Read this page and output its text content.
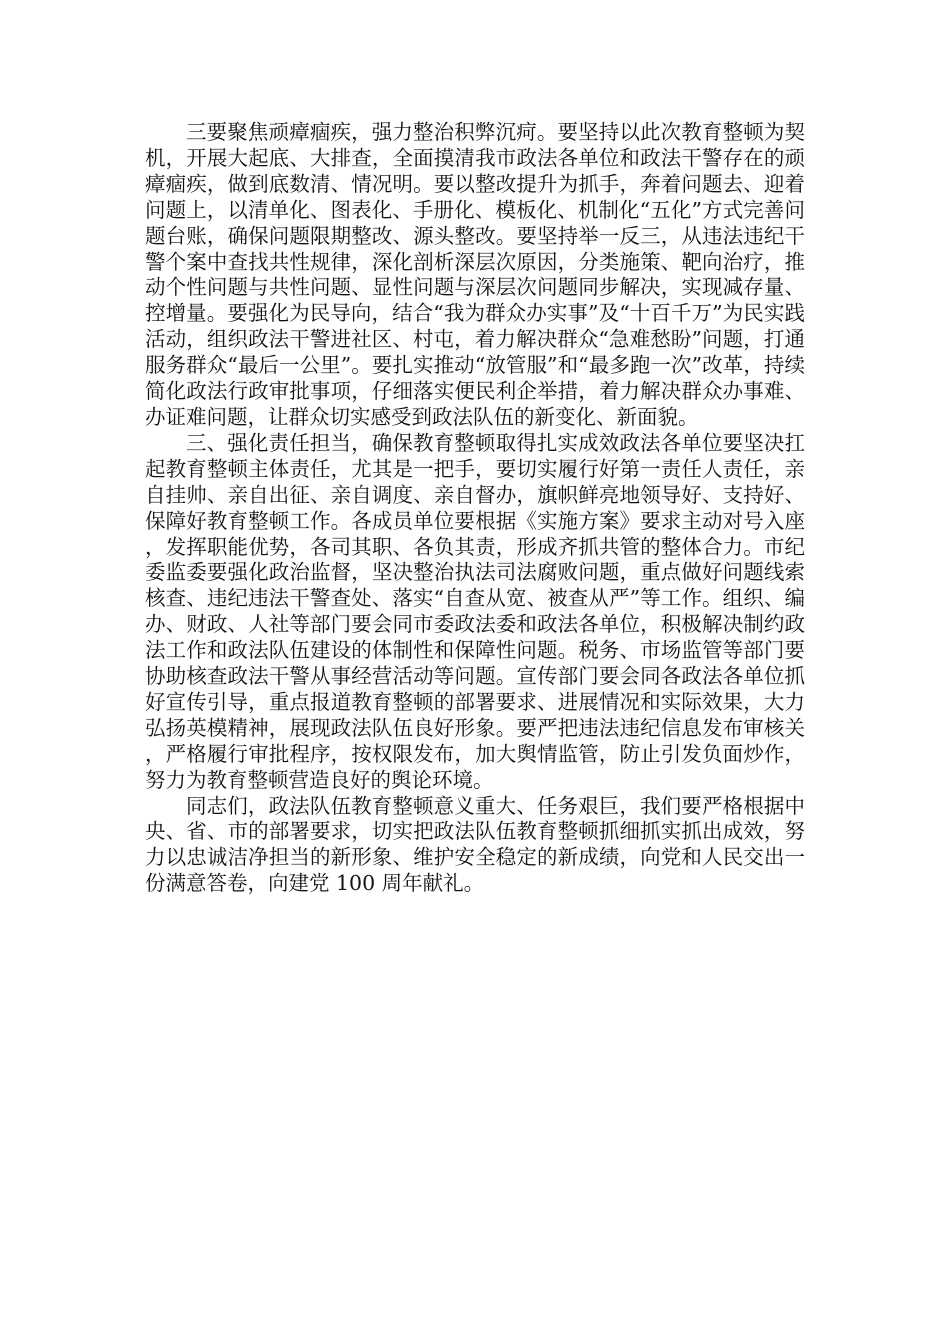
三要聚焦顽瘴痼疾，强力整治积弊沉疴。要坚持以此次教育整顿为契机，开展大起底、大排查，全面摸清我市政法各单位和政法干警存在的顽瘴痼疾，做到底数清、情况明。要以整改提升为抓手，奔着问题去、迎着问题上，以清单化、图表化、手册化、模板化、机制化“五化”方式完善问题台账，确保问题限期整改、源头整改。要坚持举一反三，从违法违纪干警个案中查找共性规律，深化剖析深层次原因，分类施策、靶向治疗，推动个性问题与共性问题、显性问题与深层次问题同步解决，实现减存量、控增量。要强化为民导向，结合“我为群众办实事”及“十百千万”为民实践活动，组织政法干警进社区、村屯，着力解决群众“急难愁盼”问题，打通服务群众“最后一公里”。要扎实推动“放管服”和“最多跑一次”改革，持续简化政法行政审批事项，仔细落实便民利企举措，着力解决群众办事难、办证难问题，让群众切实感受到政法队伍的新变化、新面貌。

三、强化责任担当，确保教育整顿取得扎实成效政法各单位要坚决扛起教育整顿主体责任，尤其是一把手，要切实履行好第一责任人责任，亲自挂帅、亲自出征、亲自调度、亲自督办，旗帜鲜亮地领导好、支持好、保障好教育整顿工作。各成员单位要根据《实施方案》要求主动对号入座，发挥职能优势，各司其职、各负其责，形成齐抓共管的整体合力。市纪委监委要强化政治监督，坚决整治执法司法腐败问题，重点做好问题线索核查、违纪违法干警查处、落实“自查从宽、被查从严”等工作。组织、编办、财政、人社等部门要会同市委政法委和政法各单位，积极解决制约政法工作和政法队伍建设的体制性和保障性问题。税务、市场监管等部门要协助核查政法干警从事经营活动等问题。宣传部门要会同各政法各单位抓好宣传引导，重点报道教育整顿的部署要求、进展情况和实际效果，大力弘扬英模精神，展现政法队伍良好形象。要严把违法违纪信息发布审核关，严格履行审批程序，按权限发布，加大舆情监管，防止引发负面炒作，努力为教育整顿营造良好的舆论环境。

同志们，政法队伍教育整顿意义重大、任务艰巨，我们要严格根据中央、省、市的部署要求，切实把政法队伍教育整顿抓细抓实抓出成效，努力以忠诚洁净担当的新形象、维护安全稳定的新成绩，向党和人民交出一份满意答卷，向建党 100 周年献礼。
